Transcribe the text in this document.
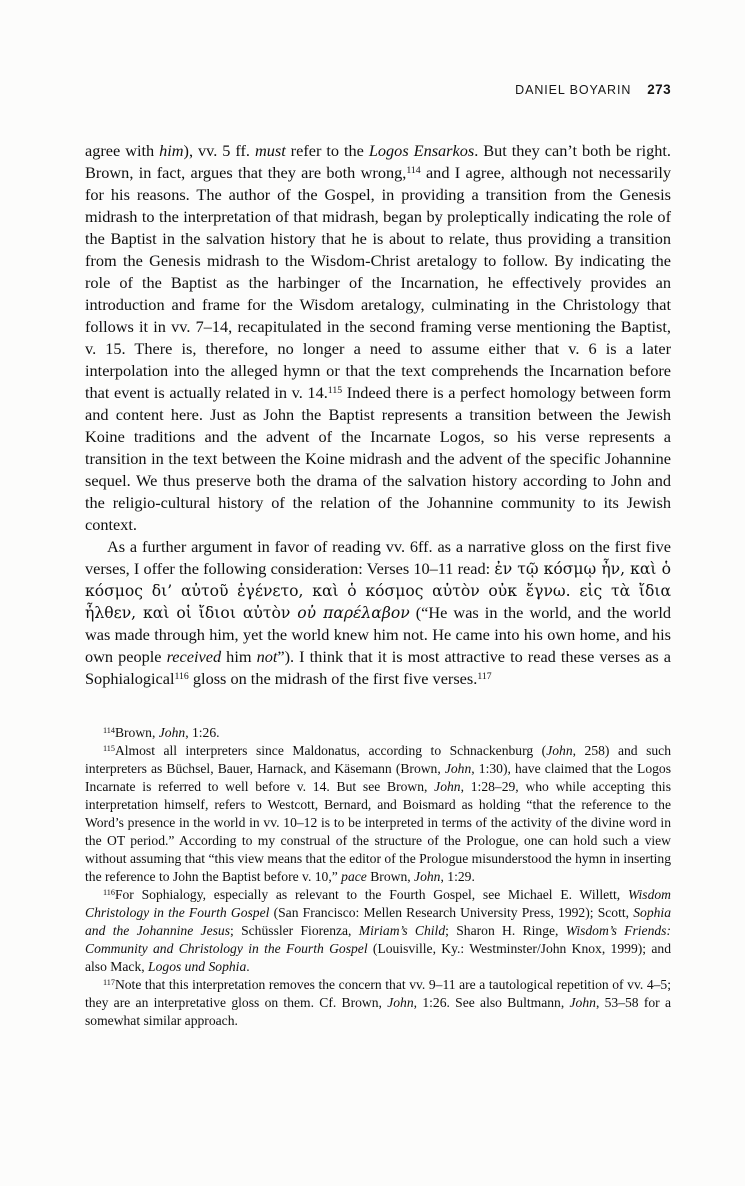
DANIEL BOYARIN 273

agree with him), vv. 5 ff. must refer to the Logos Ensarkos. But they can’t both be right. Brown, in fact, argues that they are both wrong,$^{114}$ and I agree, although not necessarily for his reasons. The author of the Gospel, in providing a transition from the Genesis midrash to the interpretation of that midrash, began by proleptically indicating the role of the Baptist in the salvation history that he is about to relate, thus providing a transition from the Genesis midrash to the Wisdom-Christ aretalogy to follow. By indicating the role of the Baptist as the harbinger of the Incarnation, he effectively provides an introduction and frame for the Wisdom aretalogy, culminating in the Christology that follows it in vv. 7–14, recapitulated in the second framing verse mentioning the Baptist, v. 15. There is, therefore, no longer a need to assume either that v. 6 is a later interpolation into the alleged hymn or that the text comprehends the Incarnation before that event is actually related in v. 14.$^{115}$ Indeed there is a perfect homology between form and content here. Just as John the Baptist represents a transition between the Jewish Koine traditions and the advent of the Incarnate Logos, so his verse represents a transition in the text between the Koine midrash and the advent of the specific Johannine sequel. We thus preserve both the drama of the salvation history according to John and the religio-cultural history of the relation of the Johannine community to its Jewish context.

As a further argument in favor of reading vv. 6ff. as a narrative gloss on the first five verses, I offer the following consideration: Verses 10–11 read: ἐν τῷ κόσμῳ ἦν, καὶ ὁ κόσμος δι’ αὐτοῦ ἐγένετο, καὶ ὁ κόσμος αὐτὸν οὐκ ἔγνω. εἰς τὰ ἴδια ἦλθεν, καὶ οἱ ἴδιοι αὐτὸν οὐ παρέλαβον (“He was in the world, and the world was made through him, yet the world knew him not. He came into his own home, and his own people received him not”). I think that it is most attractive to read these verses as a Sophialogical$^{116}$ gloss on the midrash of the first five verses.$^{117}$

$^{114}$Brown, John, 1:26.

$^{115}$Almost all interpreters since Maldonatus, according to Schnackenburg (John, 258) and such interpreters as Büchsel, Bauer, Harnack, and Käsemann (Brown, John, 1:30), have claimed that the Logos Incarnate is referred to well before v. 14. But see Brown, John, 1:28–29, who while accepting this interpretation himself, refers to Westcott, Bernard, and Boismard as holding “that the reference to the Word’s presence in the world in vv. 10–12 is to be interpreted in terms of the activity of the divine word in the OT period.” According to my construal of the structure of the Prologue, one can hold such a view without assuming that “this view means that the editor of the Prologue misunderstood the hymn in inserting the reference to John the Baptist before v. 10,” pace Brown, John, 1:29.

$^{116}$For Sophialogy, especially as relevant to the Fourth Gospel, see Michael E. Willett, Wisdom Christology in the Fourth Gospel (San Francisco: Mellen Research University Press, 1992); Scott, Sophia and the Johannine Jesus; Schüssler Fiorenza, Miriam’s Child; Sharon H. Ringe, Wisdom’s Friends: Community and Christology in the Fourth Gospel (Louisville, Ky.: Westminster/John Knox, 1999); and also Mack, Logos und Sophia.

$^{117}$Note that this interpretation removes the concern that vv. 9–11 are a tautological repetition of vv. 4–5; they are an interpretative gloss on them. Cf. Brown, John, 1:26. See also Bultmann, John, 53–58 for a somewhat similar approach.
